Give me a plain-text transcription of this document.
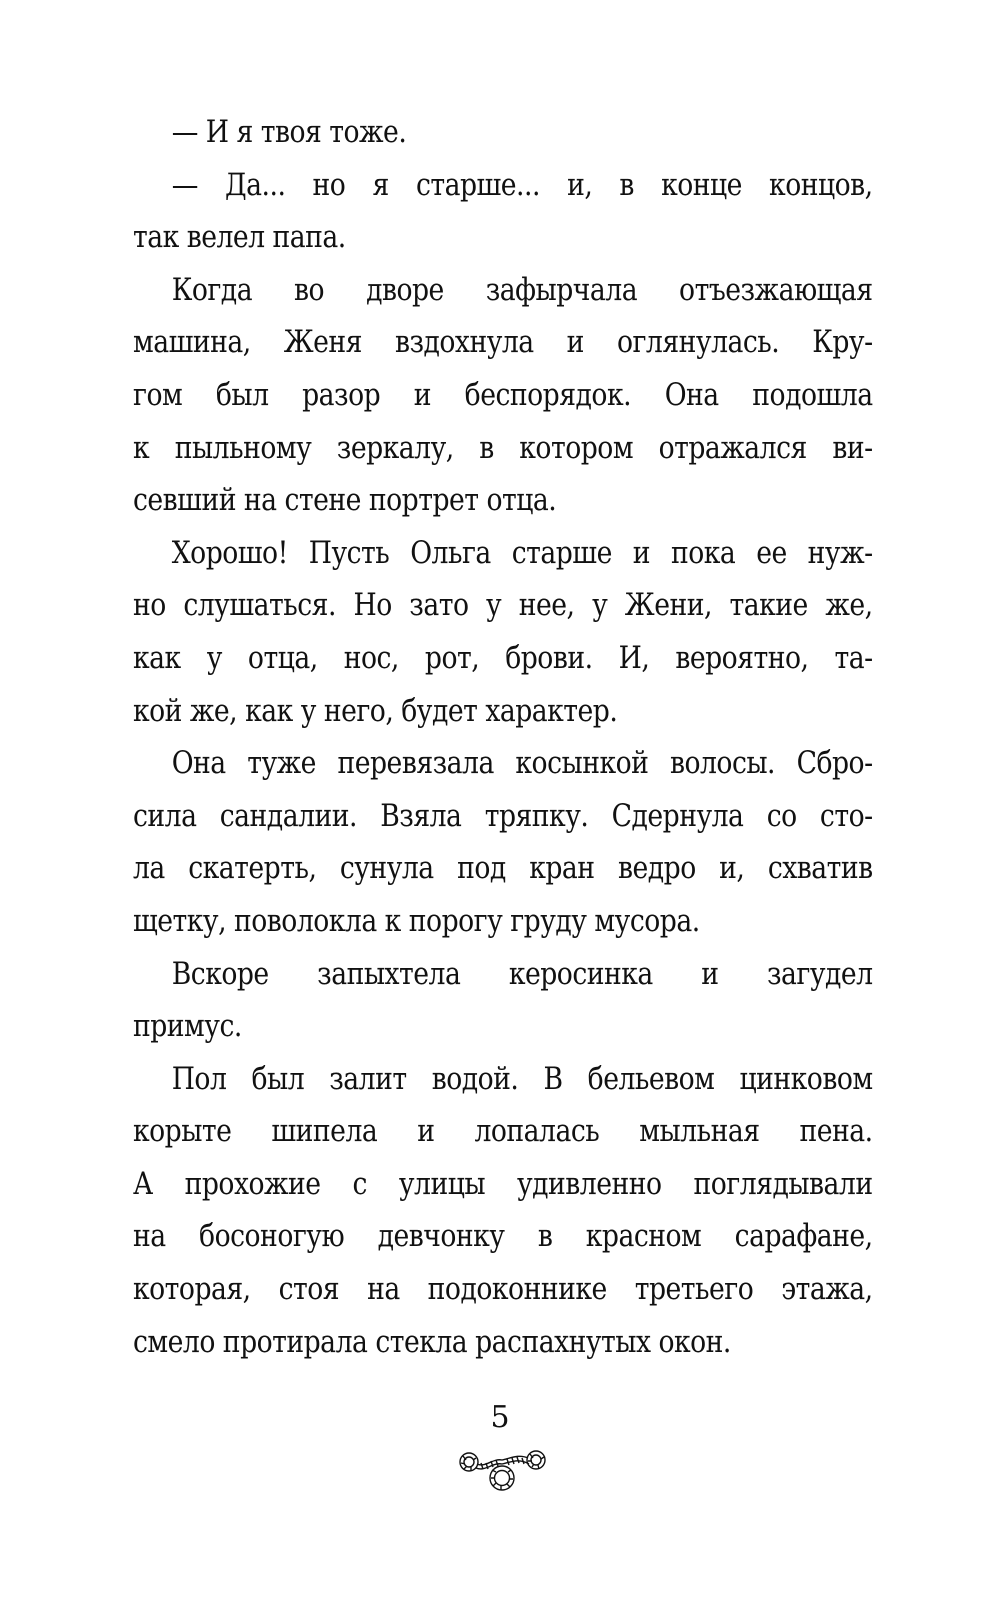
— И я твоя тоже.
— Да... но я старше... и, в конце концов,
так велел папа.
Когда во дворе зафырчала отъезжающая
машина, Женя вздохнула и оглянулась. Кру-
гом был разор и беспорядок. Она подошла
к пыльному зеркалу, в котором отражался ви-
севший на стене портрет отца.
Хорошо! Пусть Ольга старше и пока ее нуж-
но слушаться. Но зато у нее, у Жени, такие же,
как у отца, нос, рот, брови. И, вероятно, та-
кой же, как у него, будет характер.
Она туже перевязала косынкой волосы. Сбро-
сила сандалии. Взяла тряпку. Сдернула со сто-
ла скатерть, сунула под кран ведро и, схватив
щетку, поволокла к порогу груду мусора.
Вскоре запыхтела керосинка и загудел
примус.
Пол был залит водой. В бельевом цинковом
корыте шипела и лопалась мыльная пена.
А прохожие с улицы удивленно поглядывали
на босоногую девчонку в красном сарафане,
которая, стоя на подоконнике третьего этажа,
смело протирала стекла распахнутых окон.
5
